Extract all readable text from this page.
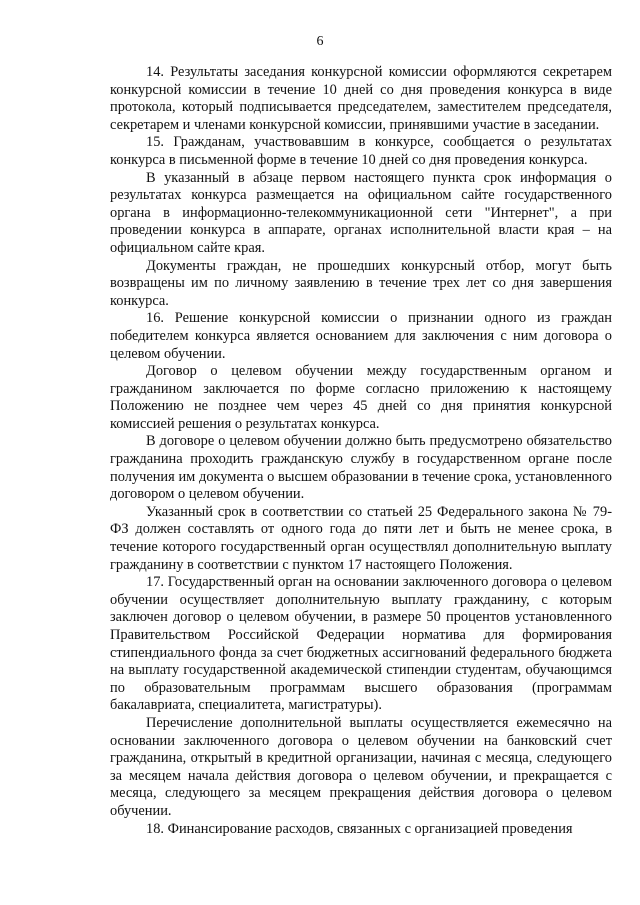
6

14. Результаты заседания конкурсной комиссии оформляются секретарем конкурсной комиссии в течение 10 дней со дня проведения конкурса в виде протокола, который подписывается председателем, заместителем председателя, секретарем и членами конкурсной комиссии, принявшими участие в заседании.

15. Гражданам, участвовавшим в конкурсе, сообщается о результатах конкурса в письменной форме в течение 10 дней со дня проведения конкурса.

В указанный в абзаце первом настоящего пункта срок информация о результатах конкурса размещается на официальном сайте государственного органа в информационно-телекоммуникационной сети "Интернет", а при проведении конкурса в аппарате, органах исполнительной власти края – на официальном сайте края.

Документы граждан, не прошедших конкурсный отбор, могут быть возвращены им по личному заявлению в течение трех лет со дня завершения конкурса.

16. Решение конкурсной комиссии о признании одного из граждан победителем конкурса является основанием для заключения с ним договора о целевом обучении.

Договор о целевом обучении между государственным органом и гражданином заключается по форме согласно приложению к настоящему Положению не позднее чем через 45 дней со дня принятия конкурсной комиссией решения о результатах конкурса.

В договоре о целевом обучении должно быть предусмотрено обязательство гражданина проходить гражданскую службу в государственном органе после получения им документа о высшем образовании в течение срока, установленного договором о целевом обучении.

Указанный срок в соответствии со статьей 25 Федерального закона № 79-ФЗ должен составлять от одного года до пяти лет и быть не менее срока, в течение которого государственный орган осуществлял дополнительную выплату гражданину в соответствии с пунктом 17 настоящего Положения.

17. Государственный орган на основании заключенного договора о целевом обучении осуществляет дополнительную выплату гражданину, с которым заключен договор о целевом обучении, в размере 50 процентов установленного Правительством Российской Федерации норматива для формирования стипендиального фонда за счет бюджетных ассигнований федерального бюджета на выплату государственной академической стипендии студентам, обучающимся по образовательным программам высшего образования (программам бакалавриата, специалитета, магистратуры).

Перечисление дополнительной выплаты осуществляется ежемесячно на основании заключенного договора о целевом обучении на банковский счет гражданина, открытый в кредитной организации, начиная с месяца, следующего за месяцем начала действия договора о целевом обучении, и прекращается с месяца, следующего за месяцем прекращения действия договора о целевом обучении.

18. Финансирование расходов, связанных с организацией проведения
